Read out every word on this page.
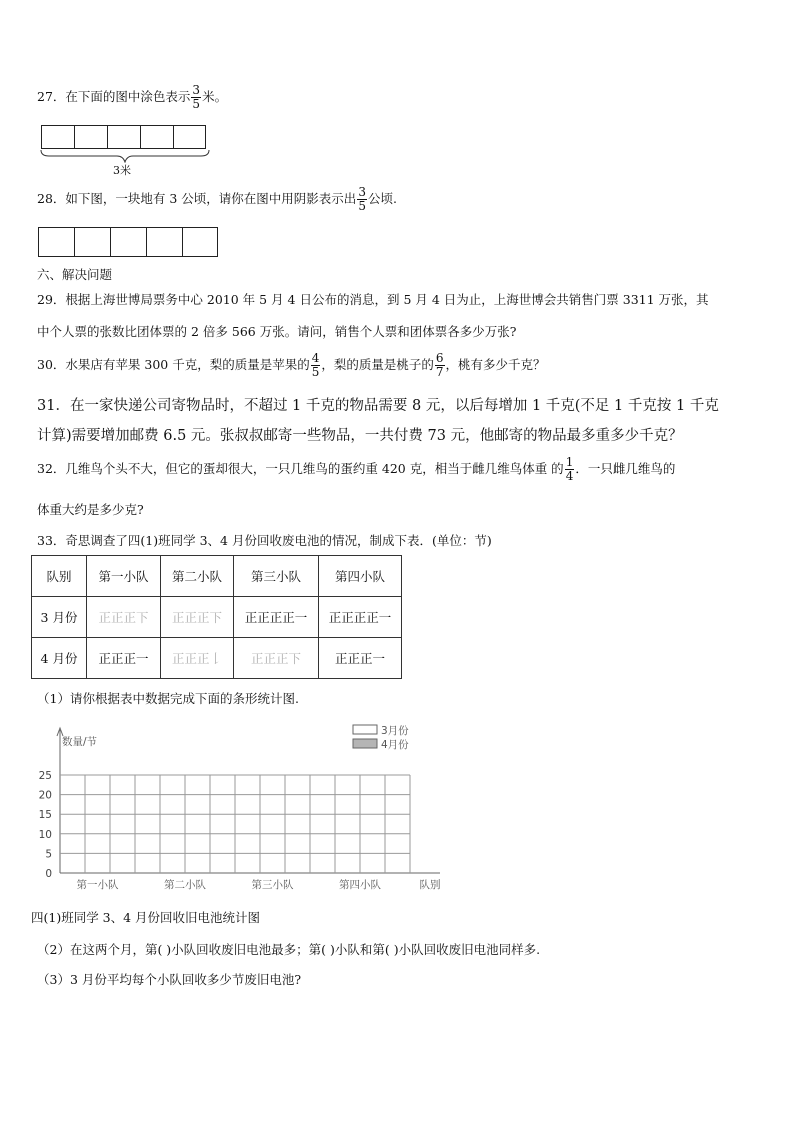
27．在下面的图中涂色表示 $\frac{3}{5}$ 米。
3米
28．如下图，一块地有 3 公顷，请你在图中用阴影表示出 $\frac{3}{5}$ 公顷.
六、解决问题
29．根据上海世博局票务中心 2010 年 5 月 4 日公布的消息，到 5 月 4 日为止，上海世博会共销售门票 3311 万张，其
中个人票的张数比团体票的 2 倍多 566 万张。请问，销售个人票和团体票各多少万张?
30．水果店有苹果 300 千克，梨的质量是苹果的 $\frac{4}{5}$ ，梨的质量是桃子的 $\frac{6}{7}$ ，桃有多少千克？
31．在一家快递公司寄物品时，不超过 1 千克的物品需要 8 元，以后每增加 1 千克(不足 1 千克按 1 千克
计算)需要增加邮费 6.5 元。张叔叔邮寄一些物品，一共付费 73 元，他邮寄的物品最多重多少千克？
32．几维鸟个头不大，但它的蛋却很大，一只几维鸟的蛋约重 420 克，相当于雌几维鸟体重 的 $\frac{1}{4}$ ．一只雌几维鸟的
体重大约是多少克?
33．奇思调查了四(1)班同学 3、4 月份回收废电池的情况，制成下表．(单位：节)
队别	第一小队	第二小队	第三小队	第四小队
3 月份	正正正下	正正正下	正正正正一	正正正正一
4 月份	正正正一	正正正𠄌	正正正下	正正正一
（1）请你根据表中数据完成下面的条形统计图.
0
5
10
15
20
25
数量/节
第一小队	第二小队	第三小队	第四小队	队别
3月份
4月份
四(1)班同学 3、4 月份回收旧电池统计图
（2）在这两个月，第( )小队回收废旧电池最多；第( )小队和第( )小队回收废旧电池同样多.
（3）3 月份平均每个小队回收多少节废旧电池?
